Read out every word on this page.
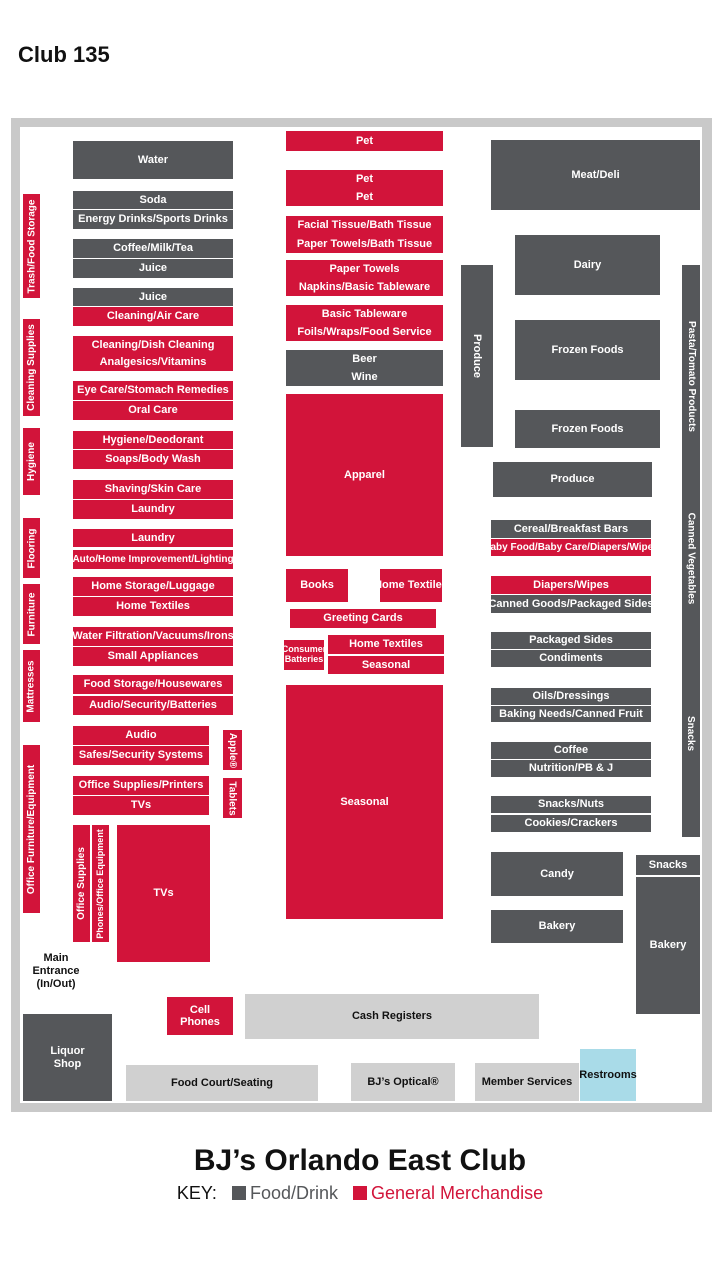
Club 135
Water
Soda
Energy Drinks/Sports Drinks
Coffee/Milk/Tea
Juice
Juice
Cleaning/Air Care
Cleaning/Dish Cleaning
Analgesics/Vitamins
Eye Care/Stomach Remedies
Oral Care
Hygiene/Deodorant
Soaps/Body Wash
Shaving/Skin Care
Laundry
Laundry
Auto/Home Improvement/Lighting
Home Storage/Luggage
Home Textiles
Water Filtration/Vacuums/Irons
Small Appliances
Food Storage/Housewares
Audio/Security/Batteries
Audio
Safes/Security Systems
Office Supplies/Printers
TVs
Apple®
Tablets
Office Supplies Phones/Office Equipment	TVs
Trash/Food Storage
Cleaning Supplies
Hygiene
Flooring
Furniture
Mattresses
Office Furniture/Equipment
Pet
Pet
Pet
Facial Tissue/Bath Tissue
Paper Towels/Bath Tissue
Paper Towels
Napkins/Basic Tableware
Basic Tableware
Foils/Wraps/Food Service
Beer
Wine
Apparel
Books	Home Textiles
Greeting Cards
Consumer
Batteries
Home Textiles
Seasonal
Seasonal
Meat/Deli
Dairy
Produce	Frozen Foods
Frozen Foods
Produce
Cereal/Breakfast Bars
Baby Food/Baby Care/Diapers/Wipes
Diapers/Wipes
Canned Goods/Packaged Sides
Packaged Sides
Condiments
Oils/Dressings
Baking Needs/Canned Fruit
Coffee
Nutrition/PB & J
Snacks/Nuts
Cookies/Crackers
Candy
Bakery
Snacks
Bakery
Pasta/Tomato Products
Canned Vegetables
Snacks
Cell
Phones	Cash Registers
Liquor
Shop
Food Court/Seating	BJ’s Optical®	Member Services
Restrooms
Main
Entrance
(In/Out)
BJ’s Orlando East Club
KEY: Food/Drink General Merchandise
